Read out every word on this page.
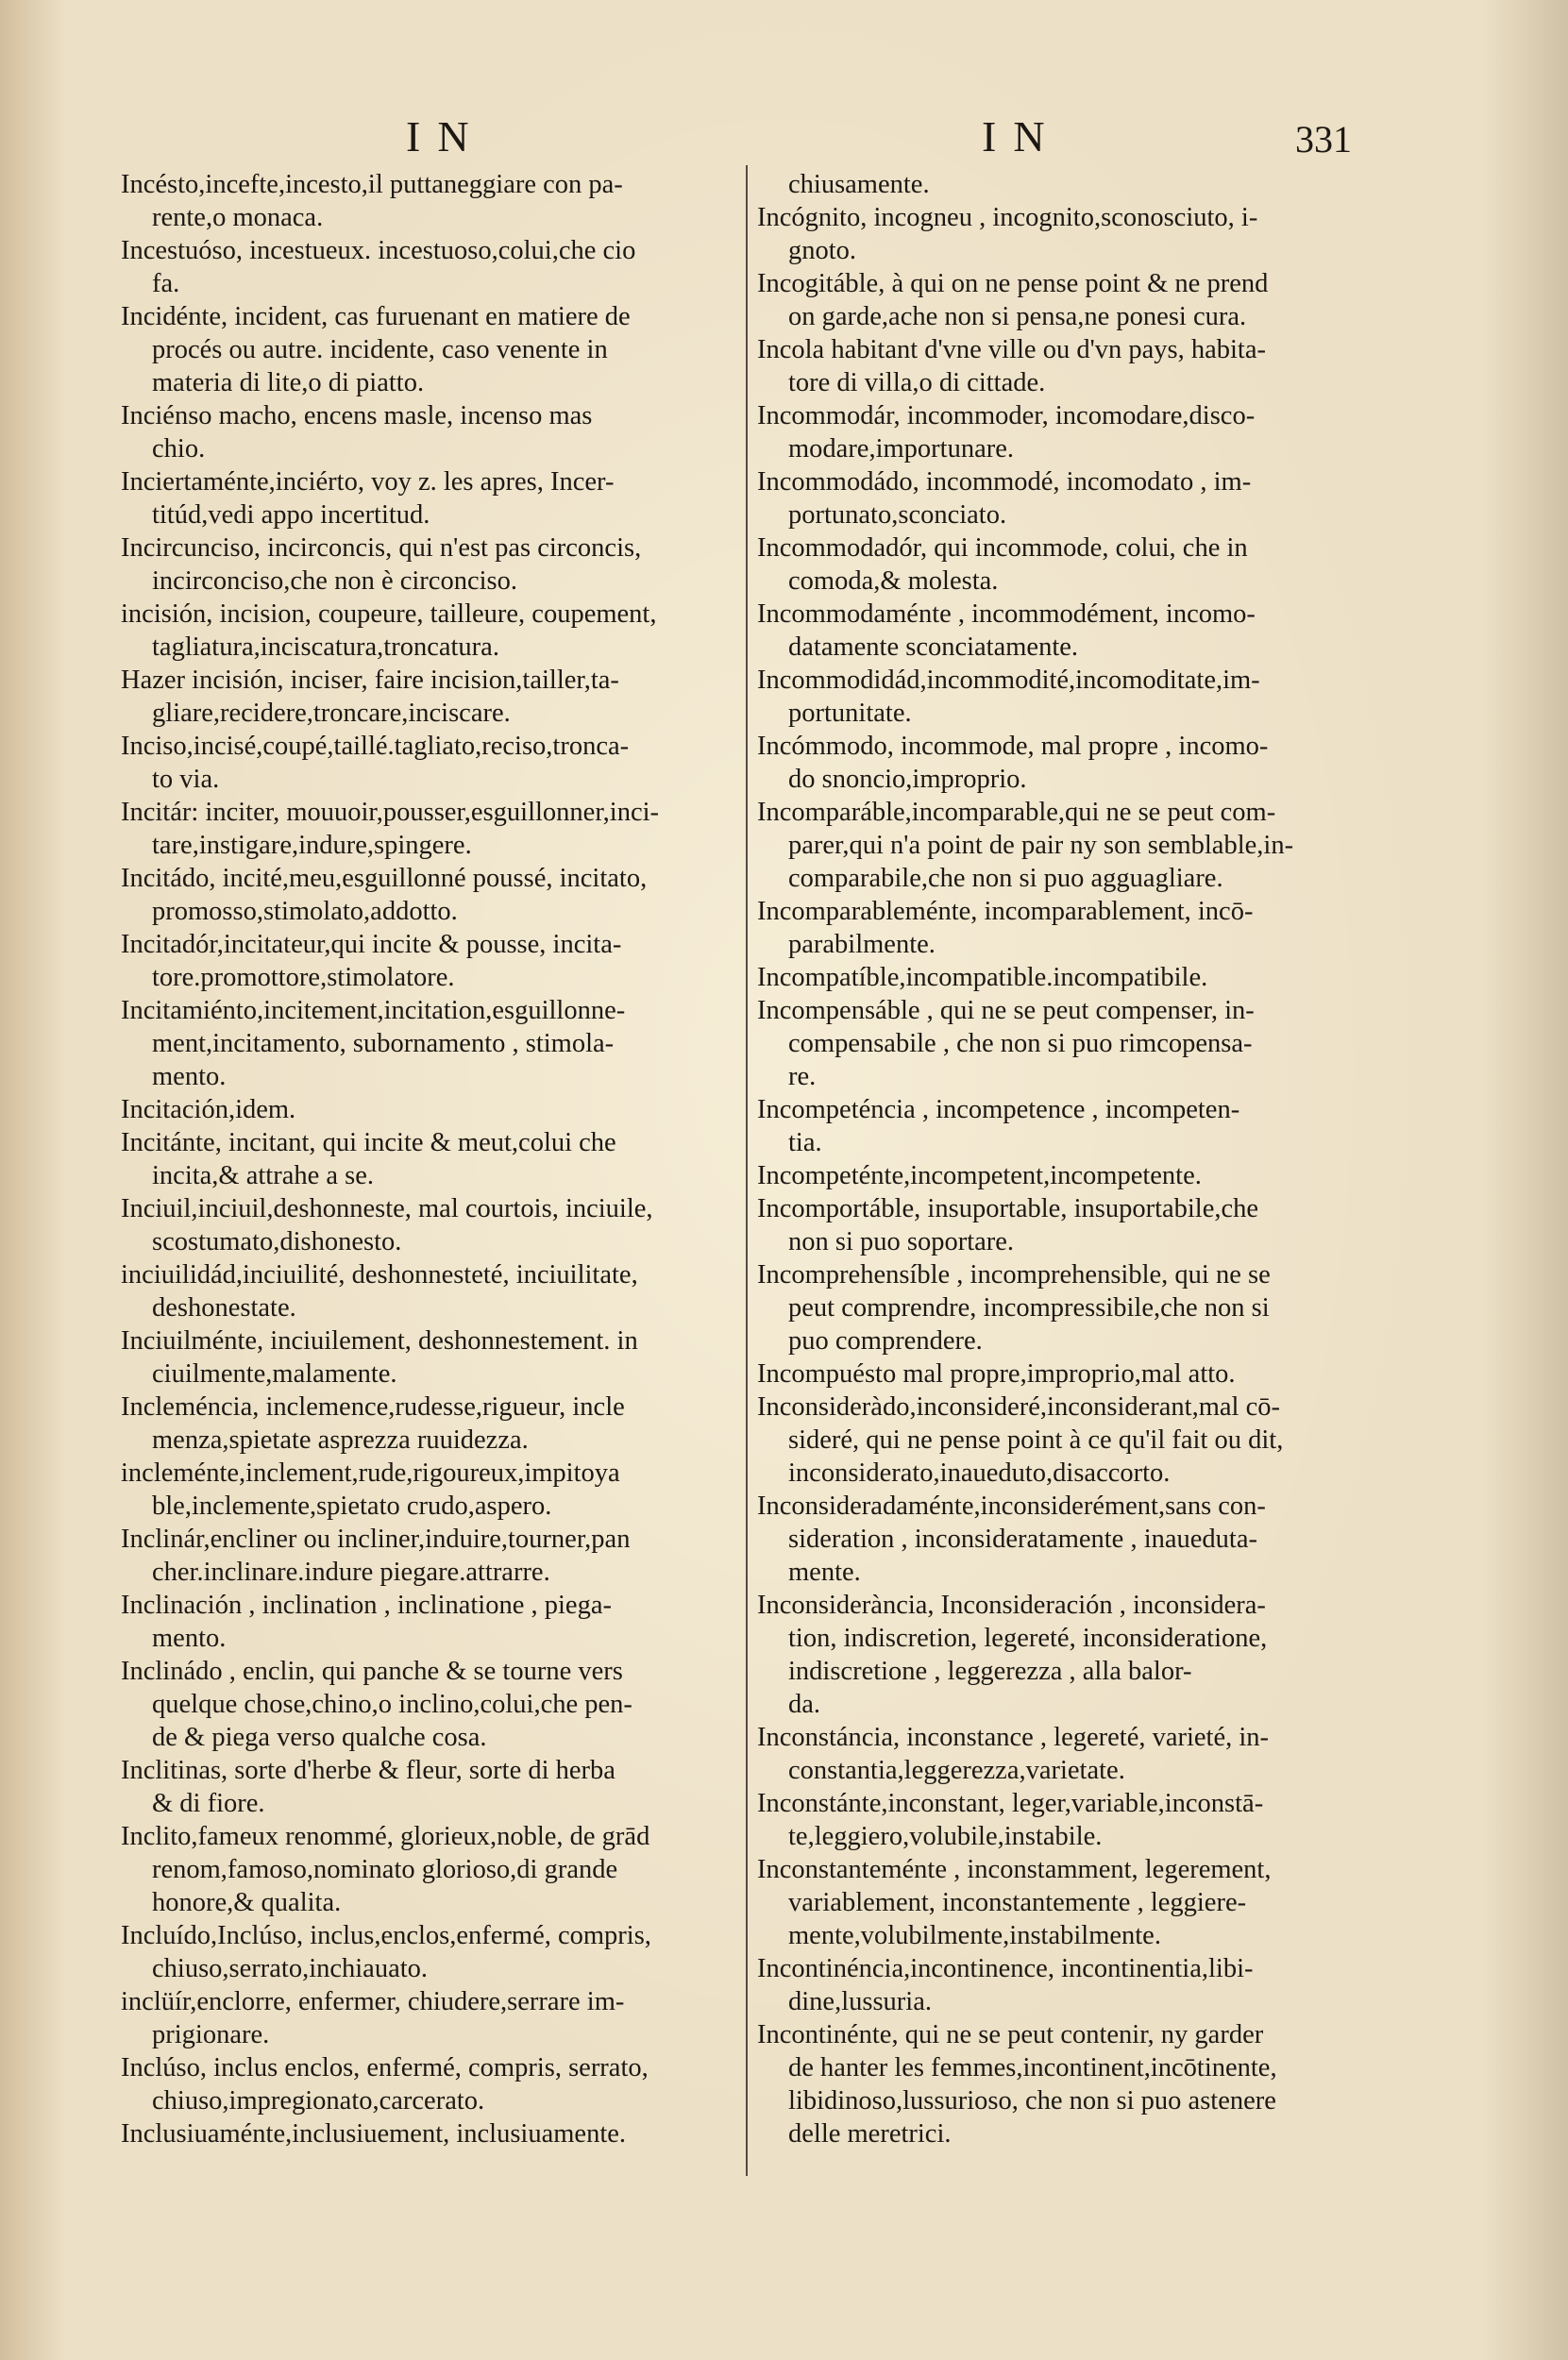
IN	IN	331
Incésto,incefte,incesto,il puttaneggiare con pa-
rente,o monaca.
Incestuóso, incestueux. incestuoso,colui,che cio
fa.
Incidénte, incident, cas furuenant en matiere de
procés ou autre. incidente, caso venente in
materia di lite,o di piatto.
Inciénso macho, encens masle, incenso mas
chio.
Inciertaménte,inciérto, voy z. les apres, Incer-
titúd,vedi appo incertitud.
Incircunciso, incirconcis, qui n'est pas circoncis,
incirconciso,che non è circonciso.
incisión, incision, coupeure, tailleure, coupement,
tagliatura,inciscatura,troncatura.
Hazer incisión, inciser, faire incision,tailler,ta-
gliare,recidere,troncare,inciscare.
Inciso,incisé,coupé,taillé.tagliato,reciso,tronca-
to via.
Incitár: inciter, mouuoir,pousser,esguillonner,inci-
tare,instigare,indure,spingere.
Incitádo, incité,meu,esguillonné poussé, incitato,
promosso,stimolato,addotto.
Incitadór,incitateur,qui incite & pousse, incita-
tore.promottore,stimolatore.
Incitamiénto,incitement,incitation,esguillonne-
ment,incitamento, subornamento , stimola-
mento.
Incitación,idem.
Incitánte, incitant, qui incite & meut,colui che
incita,& attrahe a se.
Inciuil,inciuil,deshonneste, mal courtois, inciuile,
scostumato,dishonesto.
inciuilidád,inciuilité, deshonnesteté, inciuilitate,
deshonestate.
Inciuilménte, inciuilement, deshonnestement. in
ciuilmente,malamente.
Incleméncia, inclemence,rudesse,rigueur, incle
menza,spietate asprezza ruuidezza.
incleménte,inclement,rude,rigoureux,impitoya
ble,inclemente,spietato crudo,aspero.
Inclinár,encliner ou incliner,induire,tourner,pan
cher.inclinare.indure piegare.attrarre.
Inclinación , inclination , inclinatione , piega-
mento.
Inclinádo , enclin, qui panche & se tourne vers
quelque chose,chino,o inclino,colui,che pen-
de & piega verso qualche cosa.
Inclitinas, sorte d'herbe & fleur, sorte di herba
& di fiore.
Inclito,fameux renommé, glorieux,noble, de grād
renom,famoso,nominato glorioso,di grande
honore,& qualita.
Incluído,Inclúso, inclus,enclos,enfermé, compris,
chiuso,serrato,inchiauato.
inclüír,enclorre, enfermer, chiudere,serrare im-
prigionare.
Inclúso, inclus enclos, enfermé, compris, serrato,
chiuso,impregionato,carcerato.
Inclusiuaménte,inclusiuement, inclusiuamente.
chiusamente.
Incógnito, incogneu , incognito,sconosciuto, i-
gnoto.
Incogitáble, à qui on ne pense point & ne prend
on garde,ache non si pensa,ne ponesi cura.
Incola habitant d'vne ville ou d'vn pays, habita-
tore di villa,o di cittade.
Incommodár, incommoder, incomodare,disco-
modare,importunare.
Incommodádo, incommodé, incomodato , im-
portunato,sconciato.
Incommodadór, qui incommode, colui, che in
comoda,& molesta.
Incommodaménte , incommodément, incomo-
datamente sconciatamente.
Incommodidád,incommodité,incomoditate,im-
portunitate.
Incómmodo, incommode, mal propre , incomo-
do snoncio,improprio.
Incomparáble,incomparable,qui ne se peut com-
parer,qui n'a point de pair ny son semblable,in-
comparabile,che non si puo agguagliare.
Incomparableménte, incomparablement, incō-
parabilmente.
Incompatíble,incompatible.incompatibile.
Incompensáble , qui ne se peut compenser, in-
compensabile , che non si puo rimcopensa-
re.
Incompeténcia , incompetence , incompeten-
tia.
Incompeténte,incompetent,incompetente.
Incomportáble, insuportable, insuportabile,che
non si puo soportare.
Incomprehensíble , incomprehensible, qui ne se
peut comprendre, incompressibile,che non si
puo comprendere.
Incompuésto mal propre,improprio,mal atto.
Inconsideràdo,inconsideré,inconsiderant,mal cō-
sideré, qui ne pense point à ce qu'il fait ou dit,
inconsiderato,inaueduto,disaccorto.
Inconsideradaménte,inconsiderément,sans con-
sideration , inconsideratamente , inaueduta-
mente.
Inconsiderància, Inconsideración , inconsidera-
tion, indiscretion, legereté, inconsideratione,
indiscretione , leggerezza , alla balor-
da.
Inconstáncia, inconstance , legereté, varieté, in-
constantia,leggerezza,varietate.
Inconstánte,inconstant, leger,variable,inconstā-
te,leggiero,volubile,instabile.
Inconstanteménte , inconstamment, legerement,
variablement, inconstantemente , leggiere-
mente,volubilmente,instabilmente.
Incontinéncia,incontinence, incontinentia,libi-
dine,lussuria.
Incontinénte, qui ne se peut contenir, ny garder
de hanter les femmes,incontinent,incōtinente,
libidinoso,lussurioso, che non si puo astenere
delle meretrici.
